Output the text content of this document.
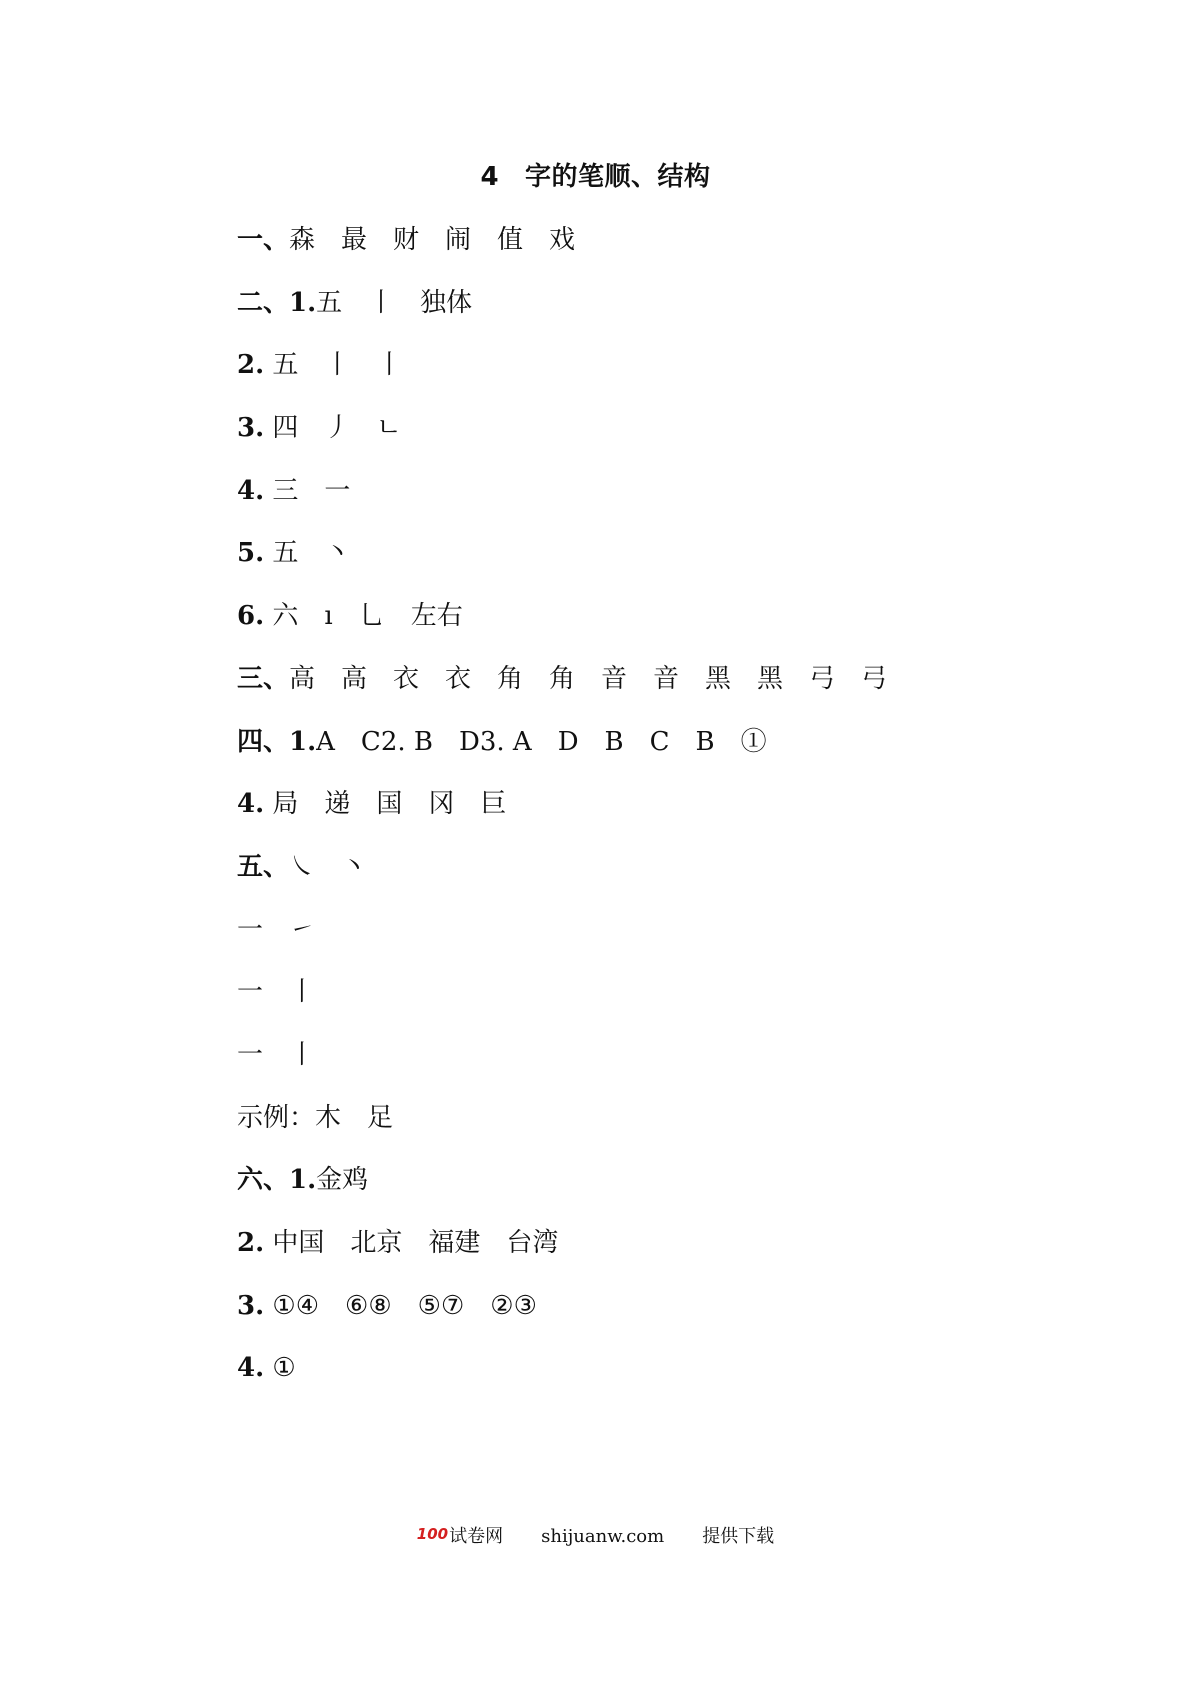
4 字的笔顺、结构
一、森　最　财　闹　值　戏
二、1.五　丨　独体
2. 五　丨　丨
3. 四　丿　ㄴ
4. 三　一
5. 五　丶
6. 六　ı　乚　左右
三、高　高　衣　衣　角　角　音　音　黑　黑　弓　弓
四、1.A　C2. B　D3. A　D　B　C　B　①
4. 局　递　国　冈　巨
五、㇏　丶
一　㇀
一　丨
一　丨
示例：木　足
六、1.金鸡
2. 中国　北京　福建　台湾
3. ①④　⑥⑧　⑤⑦　②③
4. ①
100试卷网 shijuanw.com 提供下载
